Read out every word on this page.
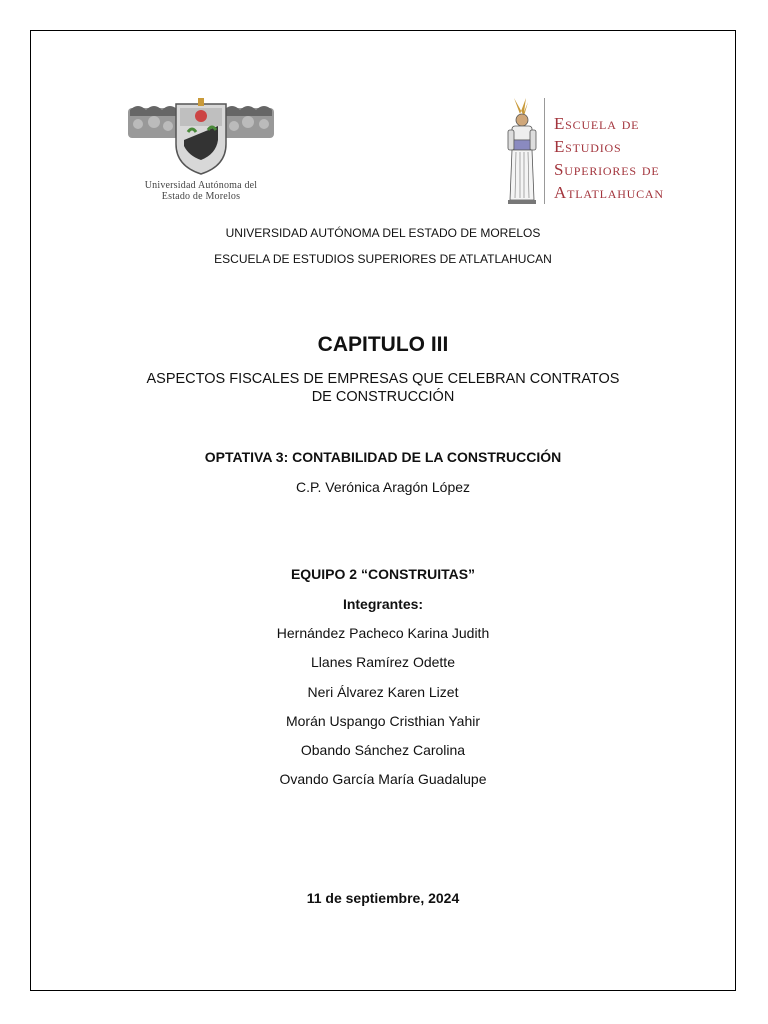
Universidad Autónoma del
Estado de Morelos
Escuela de
Estudios
Superiores de
Atlatlahucan
UNIVERSIDAD AUTÓNOMA DEL ESTADO DE MORELOS
ESCUELA DE ESTUDIOS SUPERIORES DE ATLATLAHUCAN
CAPITULO III
ASPECTOS FISCALES DE EMPRESAS QUE CELEBRAN CONTRATOS
DE CONSTRUCCIÓN
OPTATIVA 3: CONTABILIDAD DE LA CONSTRUCCIÓN
C.P. Verónica Aragón López
EQUIPO 2 “CONSTRUITAS”
Integrantes:
Hernández Pacheco Karina Judith
Llanes Ramírez Odette
Neri Álvarez Karen Lizet
Morán Uspango Cristhian Yahir
Obando Sánchez Carolina
Ovando García María Guadalupe
11 de septiembre, 2024
